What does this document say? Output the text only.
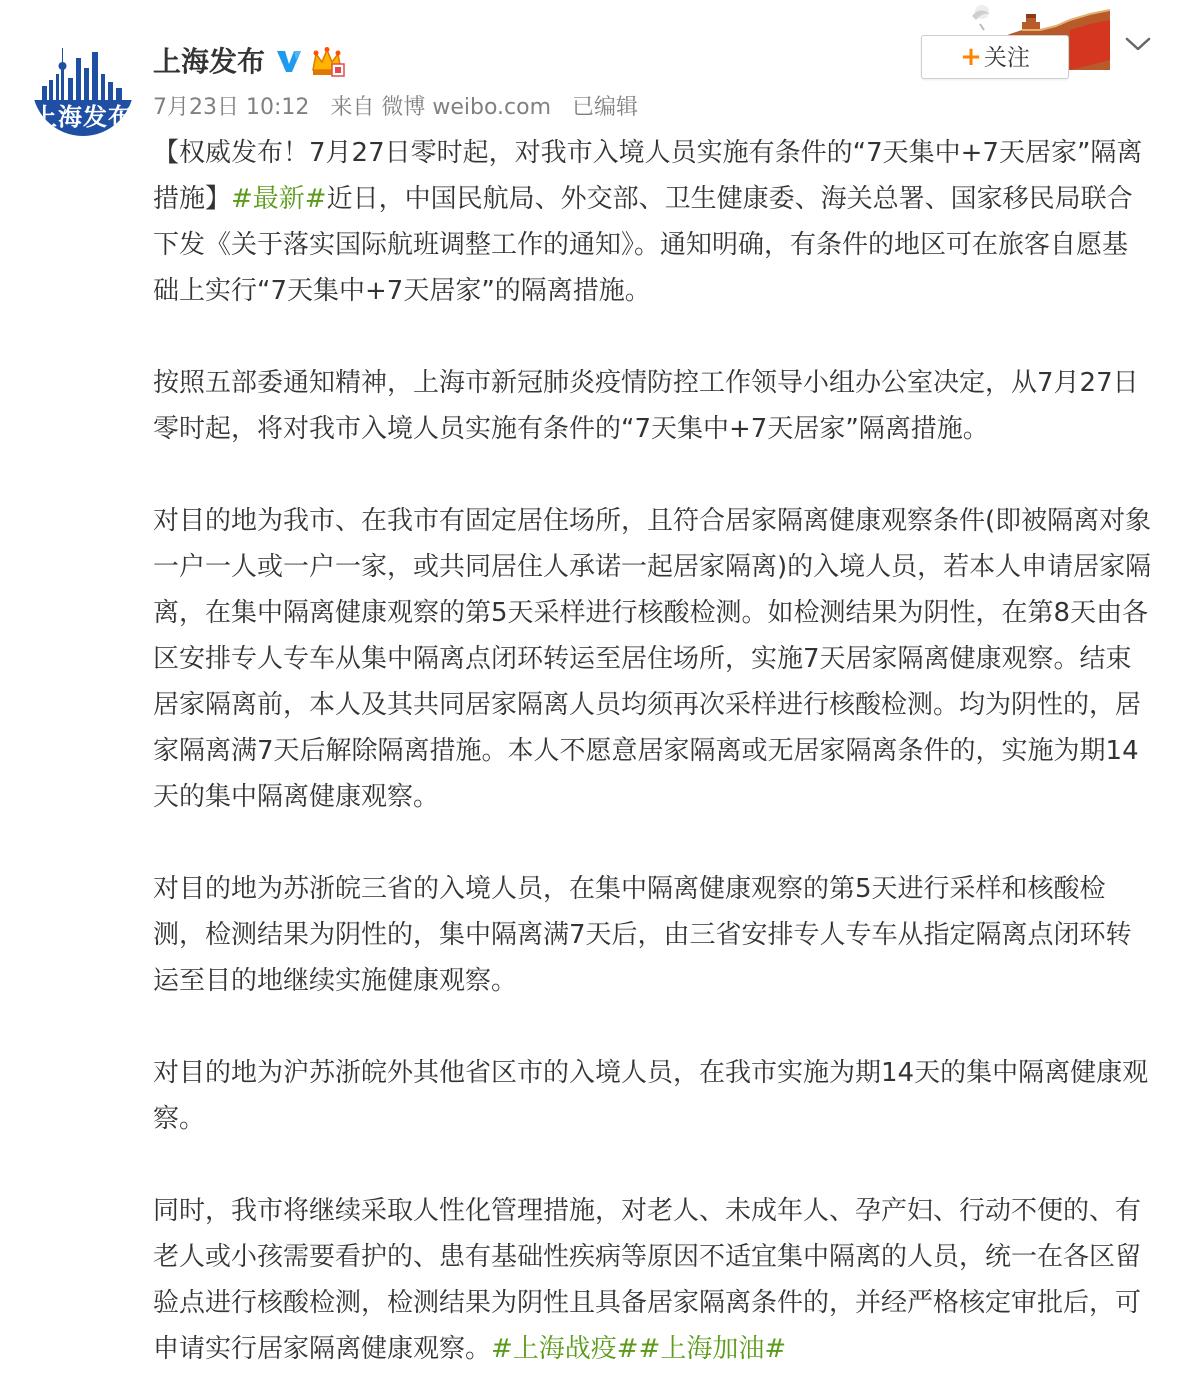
上海发布
上海发布
7月23日 10:12 来自 微博 weibo.com 已编辑
+关注

【权威发布！7月27日零时起，对我市入境人员实施有条件的“7天集中+7天居家”隔离措施】#最新#近日，中国民航局、外交部、卫生健康委、海关总署、国家移民局联合下发《关于落实国际航班调整工作的通知》。通知明确，有条件的地区可在旅客自愿基础上实行“7天集中+7天居家”的隔离措施。

按照五部委通知精神，上海市新冠肺炎疫情防控工作领导小组办公室决定，从7月27日零时起，将对我市入境人员实施有条件的“7天集中+7天居家”隔离措施。

对目的地为我市、在我市有固定居住场所，且符合居家隔离健康观察条件(即被隔离对象一户一人或一户一家，或共同居住人承诺一起居家隔离)的入境人员，若本人申请居家隔离，在集中隔离健康观察的第5天采样进行核酸检测。如检测结果为阴性，在第8天由各区安排专人专车从集中隔离点闭环转运至居住场所，实施7天居家隔离健康观察。结束居家隔离前，本人及其共同居家隔离人员均须再次采样进行核酸检测。均为阴性的，居家隔离满7天后解除隔离措施。本人不愿意居家隔离或无居家隔离条件的，实施为期14天的集中隔离健康观察。

对目的地为苏浙皖三省的入境人员，在集中隔离健康观察的第5天进行采样和核酸检测，检测结果为阴性的，集中隔离满7天后，由三省安排专人专车从指定隔离点闭环转运至目的地继续实施健康观察。

对目的地为沪苏浙皖外其他省区市的入境人员，在我市实施为期14天的集中隔离健康观察。

同时，我市将继续采取人性化管理措施，对老人、未成年人、孕产妇、行动不便的、有老人或小孩需要看护的、患有基础性疾病等原因不适宜集中隔离的人员，统一在各区留验点进行核酸检测，检测结果为阴性且具备居家隔离条件的，并经严格核定审批后，可申请实行居家隔离健康观察。#上海战疫##上海加油#
